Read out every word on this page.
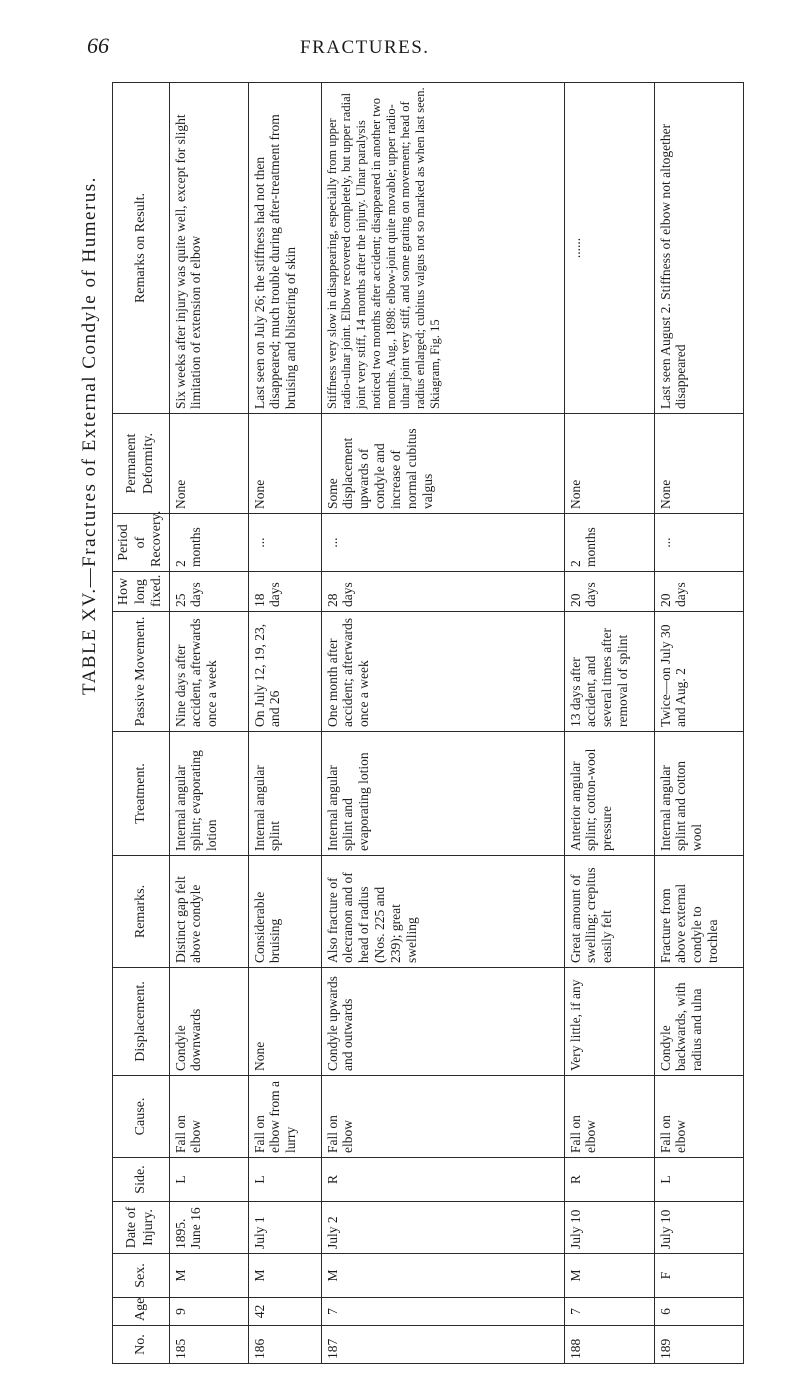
66	FRACTURES.
TABLE XV.—Fractures of External Condyle of Humerus.
No.	Age	Sex.	Date of Injury.	Side.	Cause.	Displacement.	Remarks.	Treatment.	Passive Movement.	How long fixed.	Period of Recovery.	Permanent Deformity.	Remarks on Result.
185	9	M	1895. June 16	L	Fall on elbow	Condyle downwards	Distinct gap felt above condyle	Internal angular splint; evaporating lotion	Nine days after accident, afterwards once a week	25 days	2 months	None	Six weeks after injury was quite well, except for slight limitation of extension of elbow
186	42	M	July 1	L	Fall on elbow from a lurry	None	Considerable bruising	Internal angular splint	On July 12, 19, 23, and 26	18 days	...	None	Last seen on July 26; the stiffness had not then disappeared; much trouble during after-treatment from bruising and blistering of skin
187	7	M	July 2	R	Fall on elbow	Condyle upwards and outwards	Also fracture of olecranon and of head of radius (Nos. 225 and 239); great swelling	Internal angular splint and evaporating lotion	One month after accident; afterwards once a week	28 days	...	Some displacement upwards of condyle and increase of normal cubitus valgus	Stiffness very slow in disappearing, especially from upper radio-ulnar joint. Elbow recovered completely, but upper radial joint very stiff, 14 months after the injury. Ulnar paralysis noticed two months after accident; disappeared in another two months. Aug., 1898: elbow-joint quite movable; upper radio-ulnar joint very stiff, and some grating on movement; head of radius enlarged; cubitus valgus not so marked as when last seen. Skiagram, Fig. 15
188	7	M	July 10	R	Fall on elbow	Very little, if any	Great amount of swelling; crepitus easily felt	Anterior angular splint; cotton-wool pressure	13 days after accident, and several times after removal of splint	20 days	2 months	None	......
189	6	F	July 10	L	Fall on elbow	Condyle backwards, with radius and ulna	Fracture from above external condyle to trochlea	Internal angular splint and cotton wool	Twice—on July 30 and Aug. 2	20 days	...	None	Last seen August 2. Stiffness of elbow not altogether disappeared
